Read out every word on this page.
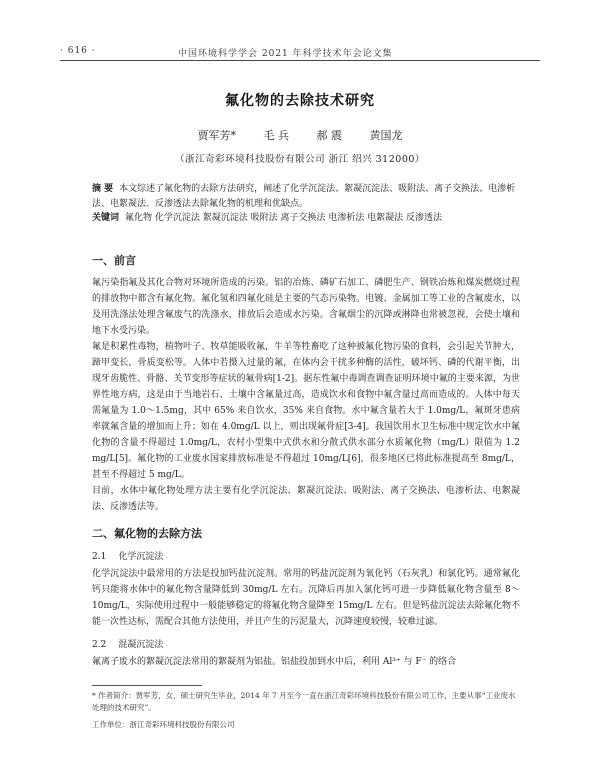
· 616 ·	中国环境科学学会 2021 年科学技术年会论文集
氟化物的去除技术研究
贾军芳*	毛 兵	郝 震	黄国龙
（浙江奇彩环境科技股份有限公司 浙江 绍兴 312000）
摘 要 本文综述了氟化物的去除方法研究，阐述了化学沉淀法、絮凝沉淀法、吸附法、离子交换法、电渗析法、电絮凝法、反渗透法去除氟化物的机理和优缺点。
关键词 氟化物 化学沉淀法 絮凝沉淀法 吸附法 离子交换法 电渗析法 电絮凝法 反渗透法
一、前言

氟污染指氟及其化合物对环境所造成的污染。铝的冶炼、磷矿石加工、磷肥生产、钢铁冶炼和煤炭燃烧过程的排放物中都含有氟化物。氟化氢和四氟化硅是主要的气态污染物。电镀、金属加工等工业的含氟废水，以及用洗涤法处理含氟废气的洗涤水，排放后会造成水污染。含氟烟尘的沉降或淋降也常被忽视，会使土壤和地下水受污染。

氟是积累性毒物，植物叶子、牧草能吸收氟，牛羊等牲畜吃了这种被氟化物污染的食料，会引起关节肿大，蹄甲变长，骨质变松等。人体中若摄入过量的氟，在体内会干扰多种酶的活性，破坏钙、磷的代谢平衡，出现牙齿脆性、骨骼、关节变形等症状的氟骨病[1-2]。据东性氟中毒调查调查证明环境中氟的主要来源，为世界性地方病，这是由于当地岩石、土壤中含氟量过高，造成饮水和食物中氟含量过高而造成的。人体中每天需氟量为 1.0～1.5mg，其中 65% 来自饮水，35% 来自食物。水中氟含量若大于 1.0mg/L，氟斑牙患病率就氟含量的增加而上升；如在 4.0mg/L 以上，则出现氟骨症[3-4]。我国饮用水卫生标准中规定饮水中氟化物的含量不得超过 1.0mg/L，农村小型集中式供水和分散式供水部分水质氟化物（mg/L）限值为 1.2 mg/L[5]。氟化物的工业废水国家排放标准是不得超过 10mg/L[6]，很多地区已将此标准提高至 8mg/L，甚至不得超过 5 mg/L。

目前，水体中氟化物处理方法主要有化学沉淀法、絮凝沉淀法、吸附法、离子交换法、电渗析法、电絮凝法、反渗透法等。

二、氟化物的去除方法
2.1 化学沉淀法

化学沉淀法中最常用的方法是投加钙盐沉淀剂。常用的钙盐沉淀剂为氧化钙（石灰乳）和氯化钙。通常氟化钙只能将水体中的氟化物含量降低到 30mg/L 左右。沉降后再加入氯化钙可进一步降低氟化物含量至 8～10mg/L，实际使用过程中一般能够稳定的将氟化物含量降至 15mg/L 左右。但是钙盐沉淀法去除氟化物不能一次性达标，需配合其他方法使用，并且产生的污泥量大，沉降速度较慢，较难过滤。

2.2 混凝沉淀法

氟离子废水的絮凝沉淀法常用的絮凝剂为铝盐。铝盐投加到水中后，利用 Al³⁺ 与 F⁻ 的络合

* 作者简介：贾军芳，女，硕士研究生毕业，2014 年 7 月至今一直在浙江奇彩环境科技股份有限公司工作，主要从事“工业废水处理的技术研究”。
工作单位：浙江奇彩环境科技股份有限公司
